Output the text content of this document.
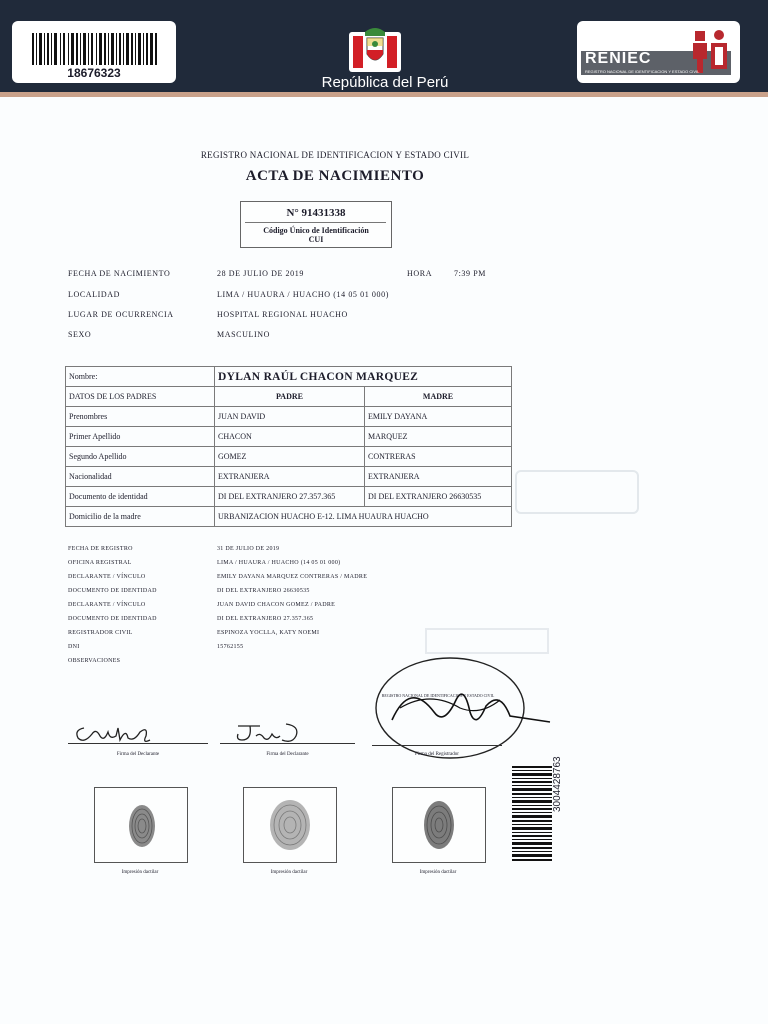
18676323
República del Perú
RENIEC
REGISTRO NACIONAL DE IDENTIFICACION Y ESTADO CIVIL
REGISTRO NACIONAL DE IDENTIFICACION Y ESTADO CIVIL
ACTA DE NACIMIENTO
N° 91431338
Código Único de Identificación
CUI
FECHA DE NACIMIENTO	28 DE JULIO DE 2019	HORA	7:39 PM
LOCALIDAD	LIMA / HUAURA / HUACHO (14 05 01 000)
LUGAR DE OCURRENCIA	HOSPITAL REGIONAL HUACHO
SEXO	MASCULINO
Nombre:	DYLAN RAÚL CHACON MARQUEZ	
DATOS DE LOS PADRES	PADRE	MADRE
Prenombres	JUAN DAVID	EMILY DAYANA
Primer Apellido	CHACON	MARQUEZ
Segundo Apellido	GOMEZ	CONTRERAS
Nacionalidad	EXTRANJERA	EXTRANJERA
Documento de identidad	DI DEL EXTRANJERO 27.357.365	DI DEL EXTRANJERO 26630535
Domicilio de la madre	URBANIZACION HUACHO E-12. LIMA HUAURA HUACHO	
FECHA DE REGISTRO	31 DE JULIO DE 2019
OFICINA REGISTRAL	LIMA / HUAURA / HUACHO (14 05 01 000)
DECLARANTE / VÍNCULO	EMILY DAYANA MARQUEZ CONTRERAS / MADRE
DOCUMENTO DE IDENTIDAD	DI DEL EXTRANJERO 26630535
DECLARANTE / VÍNCULO	JUAN DAVID CHACON GOMEZ / PADRE
DOCUMENTO DE IDENTIDAD	DI DEL EXTRANJERO 27.357.365
REGISTRADOR CIVIL	ESPINOZA YOCLLA, KATY NOEMI
DNI	15762155
OBSERVACIONES
Firma del Declarante	Firma del Declarante
REGISTRO NACIONAL DE IDENTIFICACION Y ESTADO CIVIL
Firma del Registrador
Impresión dactilar	Impresión dactilar	Impresión dactilar
3004428763
